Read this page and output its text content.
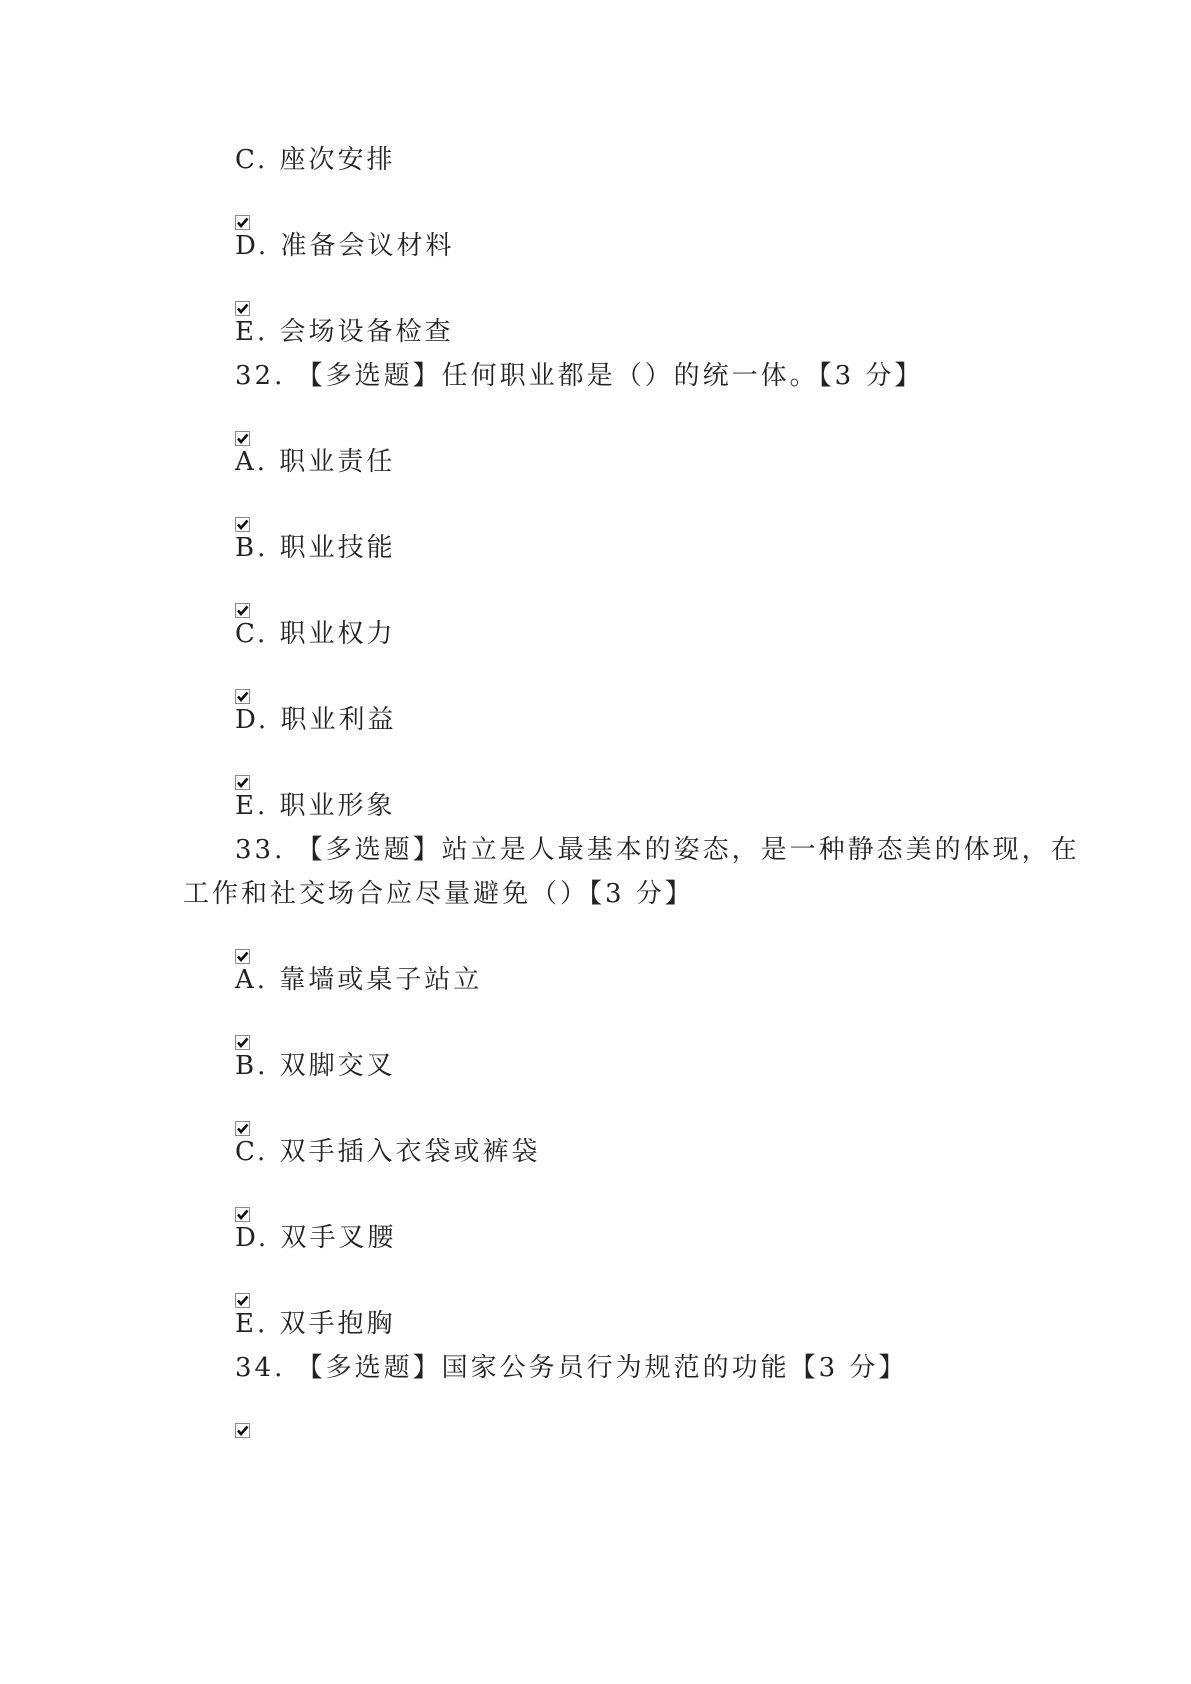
C. 座次安排
D. 准备会议材料
E. 会场设备检查
32. 【多选题】任何职业都是（）的统一体。【3 分】
A. 职业责任
B. 职业技能
C. 职业权力
D. 职业利益
E. 职业形象
33. 【多选题】站立是人最基本的姿态，是一种静态美的体现，在
工作和社交场合应尽量避免（）【3 分】
A. 靠墙或桌子站立
B. 双脚交叉
C. 双手插入衣袋或裤袋
D. 双手叉腰
E. 双手抱胸
34. 【多选题】国家公务员行为规范的功能【3 分】
